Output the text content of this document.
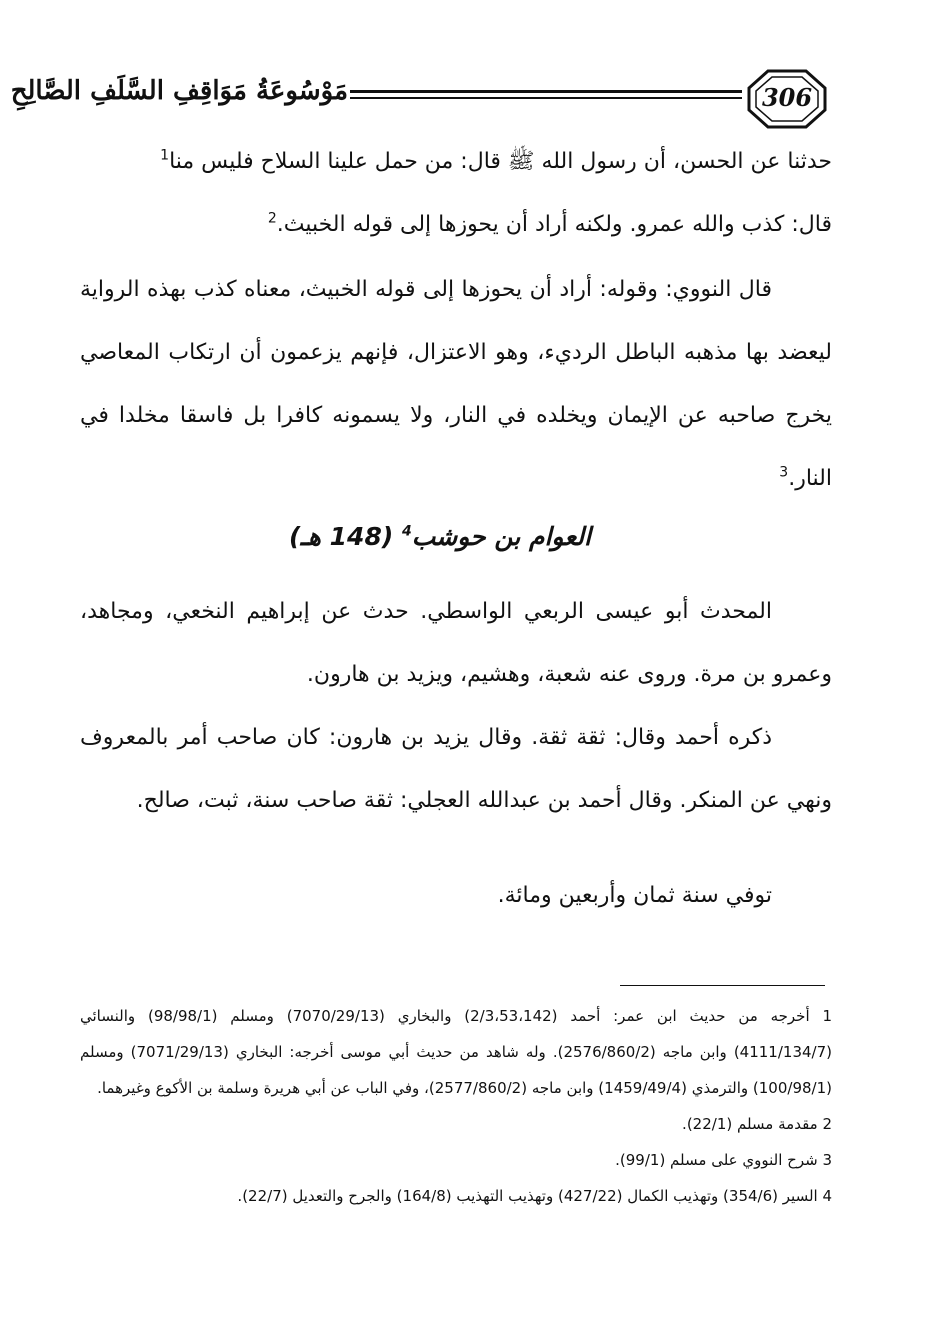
مَوْسُوعَةُ مَوَاقِفِ السَّلَفِ الصَّالِحِ	306

حدثنا عن الحسن، أن رسول الله ﷺ قال: من حمل علينا السلاح فليس منا$^1$

قال: كذب والله عمرو. ولكنه أراد أن يحوزها إلى قوله الخبيث.$^2$

قال النووي: وقوله: أراد أن يحوزها إلى قوله الخبيث، معناه كذب بهذه الرواية ليعضد بها مذهبه الباطل الرديء، وهو الاعتزال، فإنهم يزعمون أن ارتكاب المعاصي يخرج صاحبه عن الإيمان ويخلده في النار، ولا يسمونه كافرا بل فاسقا مخلدا في النار.$^3$

العوام بن حوشب$^4$ (148 هـ)

المحدث أبو عيسى الربعي الواسطي. حدث عن إبراهيم النخعي، ومجاهد، وعمرو بن مرة. وروى عنه شعبة، وهشيم، ويزيد بن هارون.

ذكره أحمد وقال: ثقة ثقة. وقال يزيد بن هارون: كان صاحب أمر بالمعروف ونهي عن المنكر. وقال أحمد بن عبدالله العجلي: ثقة صاحب سنة، ثبت، صالح.

توفي سنة ثمان وأربعين ومائة.

1 أخرجه من حديث ابن عمر: أحمد (2/3،53،142) والبخاري (7070/29/13) ومسلم (98/98/1) والنسائي (4111/134/7) وابن ماجه (2576/860/2). وله شاهد من حديث أبي موسى أخرجه: البخاري (7071/29/13) ومسلم (100/98/1) والترمذي (1459/49/4) وابن ماجه (2577/860/2)، وفي الباب عن أبي هريرة وسلمة بن الأكوع وغيرهما.

2 مقدمة مسلم (22/1).

3 شرح النووي على مسلم (99/1).

4 السير (354/6) وتهذيب الكمال (427/22) وتهذيب التهذيب (164/8) والجرح والتعديل (22/7).
